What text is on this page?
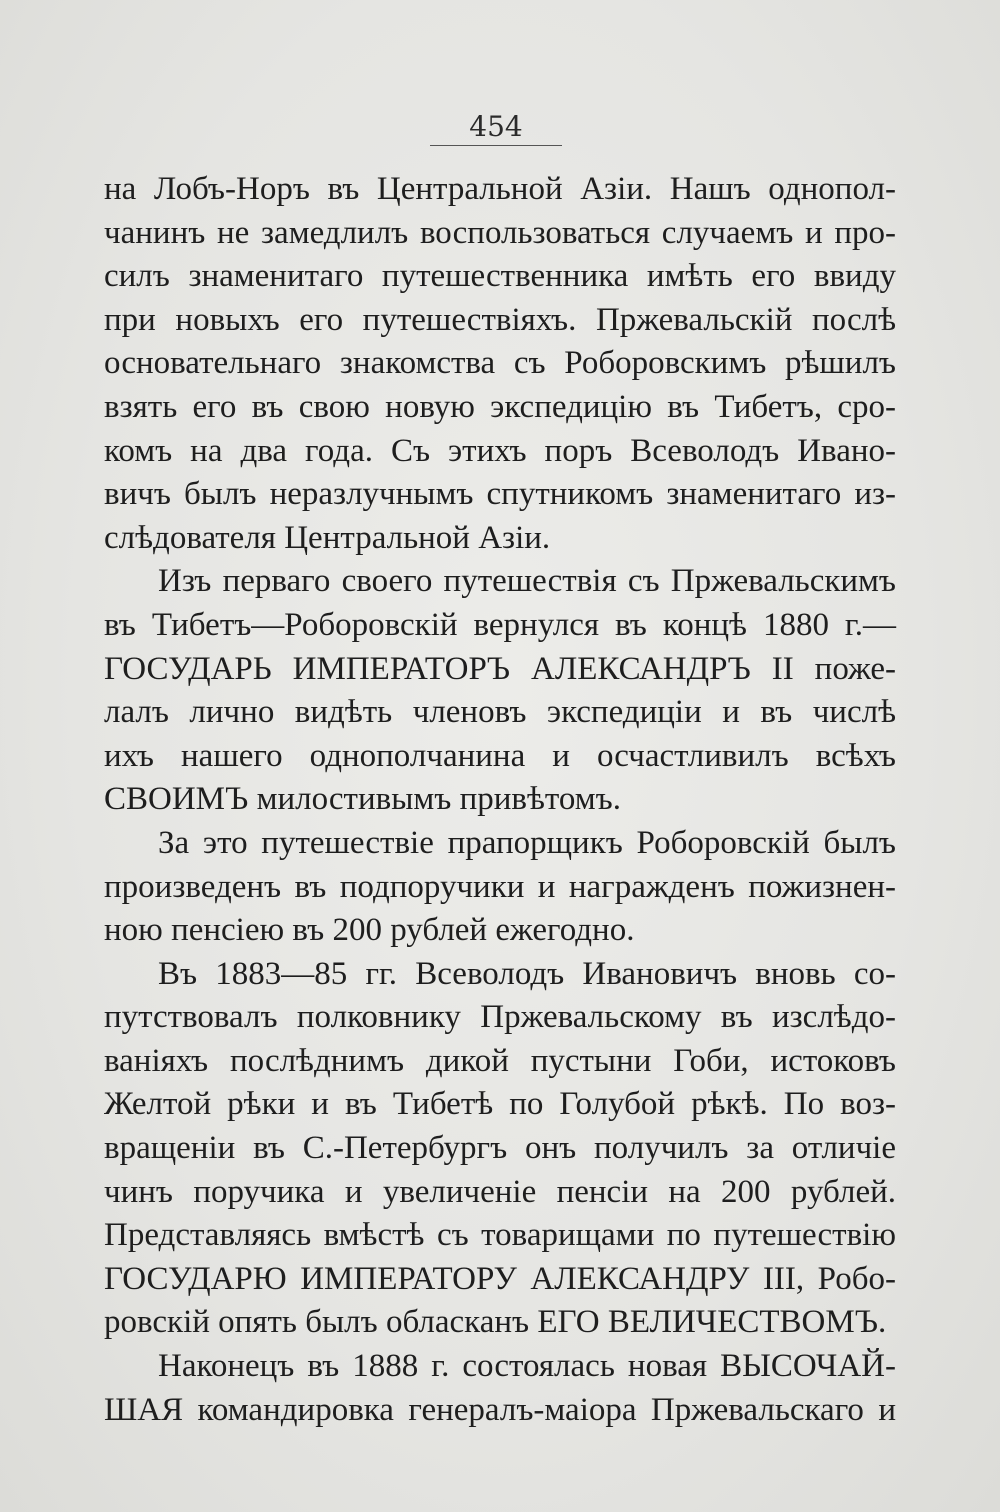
454
на Лобъ-Норъ въ Центральной Азіи. Нашъ однопол-
чанинъ не замедлилъ воспользоваться случаемъ и про-
силъ знаменитаго путешественника имѣть его ввиду
при новыхъ его путешествіяхъ. Пржевальскій послѣ
основательнаго знакомства съ Роборовскимъ рѣшилъ
взять его въ свою новую экспедицію въ Тибетъ, сро-
комъ на два года. Съ этихъ поръ Всеволодъ Ивано-
вичъ былъ неразлучнымъ спутникомъ знаменитаго из-
слѣдователя Центральной Азіи.
Изъ перваго своего путешествія съ Пржевальскимъ
въ Тибетъ—Роборовскій вернулся въ концѣ 1880 г.—
ГОСУДАРЬ ИМПЕРАТОРЪ АЛЕКСАНДРЪ II поже-
лалъ лично видѣть членовъ экспедиціи и въ числѣ
ихъ нашего однополчанина и осчастливилъ всѣхъ
СВОИМЪ милостивымъ привѣтомъ.
За это путешествіе прапорщикъ Роборовскій былъ
произведенъ въ подпоручики и награжденъ пожизнен-
ною пенсіею въ 200 рублей ежегодно.
Въ 1883—85 гг. Всеволодъ Ивановичъ вновь со-
путствовалъ полковнику Пржевальскому въ изслѣдо-
ваніяхъ послѣднимъ дикой пустыни Гоби, истоковъ
Желтой рѣки и въ Тибетѣ по Голубой рѣкѣ. По воз-
вращеніи въ С.-Петербургъ онъ получилъ за отличіе
чинъ поручика и увеличеніе пенсіи на 200 рублей.
Представляясь вмѣстѣ съ товарищами по путешествію
ГОСУДАРЮ ИМПЕРАТОРУ АЛЕКСАНДРУ III, Робо-
ровскій опять былъ обласканъ ЕГО ВЕЛИЧЕСТВОМЪ.
Наконецъ въ 1888 г. состоялась новая ВЫСОЧАЙ-
ШАЯ командировка генералъ-маіора Пржевальскаго и
